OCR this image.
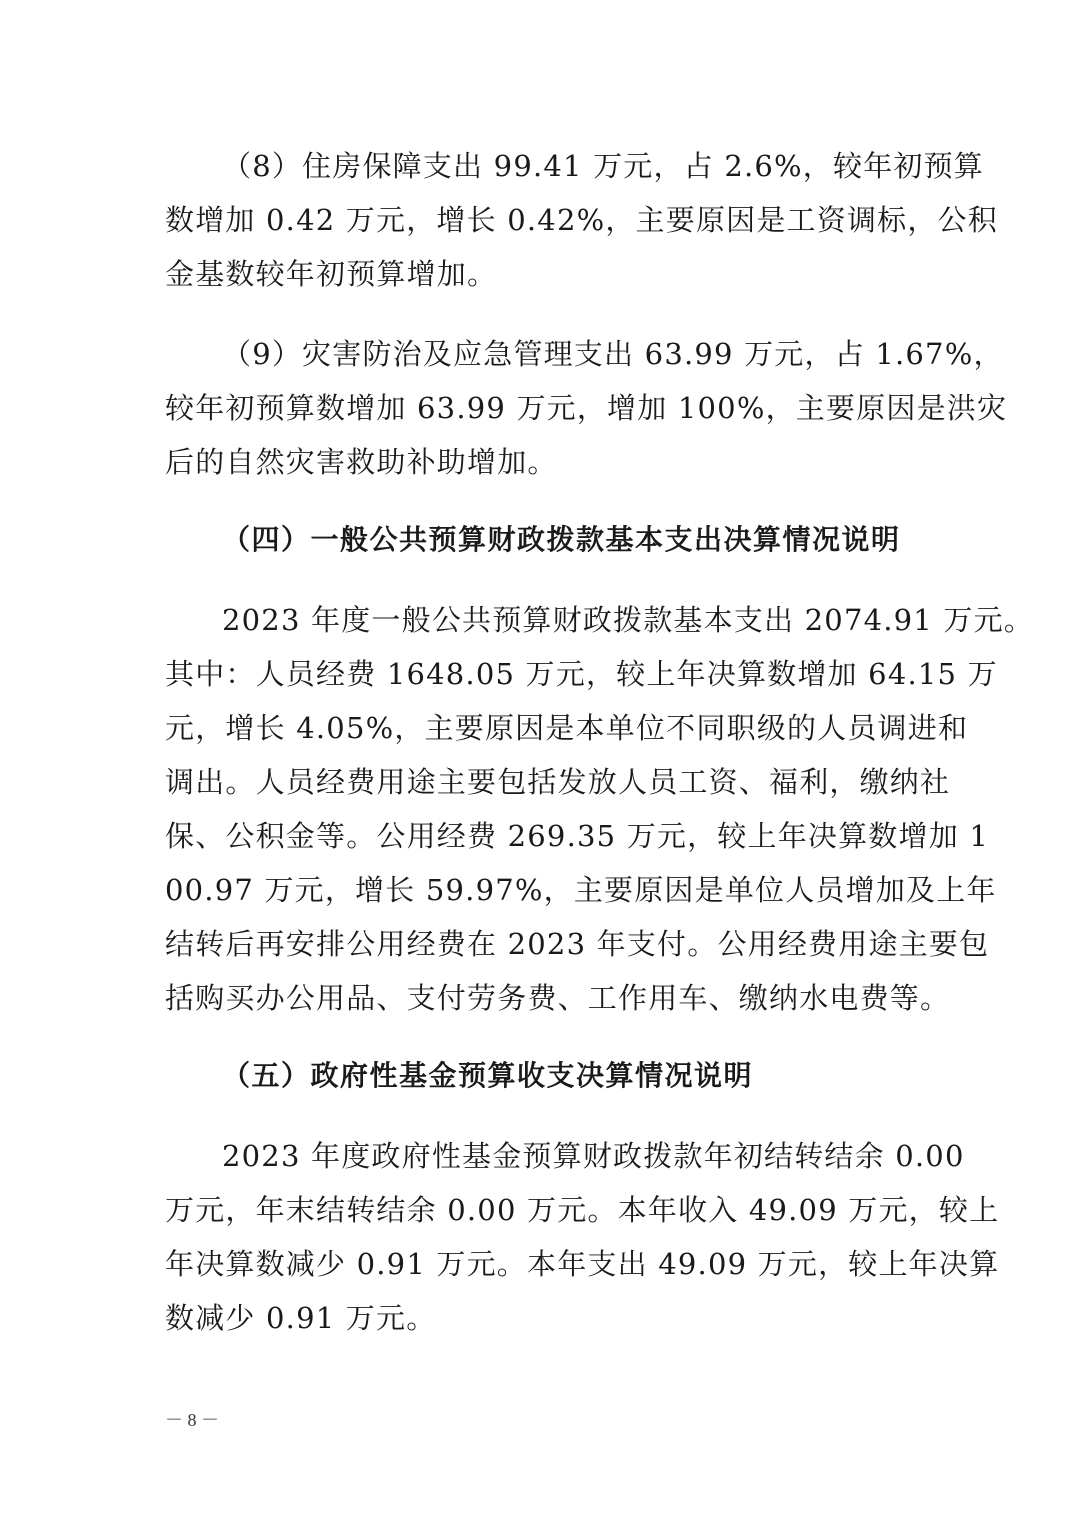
（8）住房保障支出 99.41 万元，占 2.6%，较年初预算
数增加 0.42 万元，增长 0.42%，主要原因是工资调标，公积
金基数较年初预算增加。
（9）灾害防治及应急管理支出 63.99 万元，占 1.67%，
较年初预算数增加 63.99 万元，增加 100%，主要原因是洪灾
后的自然灾害救助补助增加。
（四）一般公共预算财政拨款基本支出决算情况说明
2023 年度一般公共预算财政拨款基本支出 2074.91 万元。
其中：人员经费 1648.05 万元，较上年决算数增加 64.15 万
元，增长 4.05%，主要原因是本单位不同职级的人员调进和
调出。人员经费用途主要包括发放人员工资、福利，缴纳社
保、公积金等。公用经费 269.35 万元，较上年决算数增加 1
00.97 万元，增长 59.97%，主要原因是单位人员增加及上年
结转后再安排公用经费在 2023 年支付。公用经费用途主要包
括购买办公用品、支付劳务费、工作用车、缴纳水电费等。
（五）政府性基金预算收支决算情况说明
2023 年度政府性基金预算财政拨款年初结转结余 0.00
万元，年末结转结余 0.00 万元。本年收入 49.09 万元，较上
年决算数减少 0.91 万元。本年支出 49.09 万元，较上年决算
数减少 0.91 万元。
－ 8 －
